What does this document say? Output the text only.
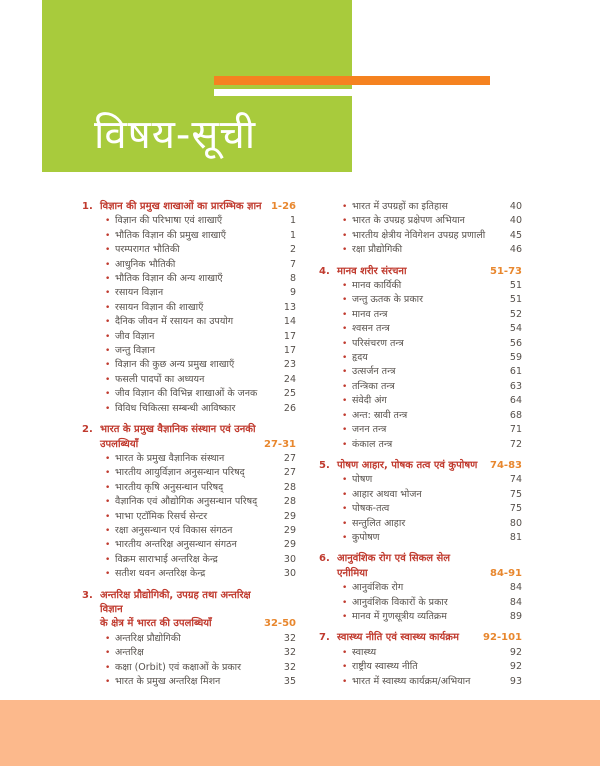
विषय-सूची
1. विज्ञान की प्रमुख शाखाओं का प्रारम्भिक ज्ञान 1-26
• विज्ञान की परिभाषा एवं शाखाएँ	1
• भौतिक विज्ञान की प्रमुख शाखाएँ	1
• परम्परागत भौतिकी	2
• आधुनिक भौतिकी	7
• भौतिक विज्ञान की अन्य शाखाएँ	8
• रसायन विज्ञान	9
• रसायन विज्ञान की शाखाएँ	13
• दैनिक जीवन में रसायन का उपयोग	14
• जीव विज्ञान	17
• जन्तु विज्ञान	17
• विज्ञान की कुछ अन्य प्रमुख शाखाएँ	23
• फसली पादपों का अध्ययन	24
• जीव विज्ञान की विभिन्न शाखाओं के जनक	25
• विविध चिकित्सा सम्बन्धी आविष्कार	26
2. भारत के प्रमुख वैज्ञानिक संस्थान एवं उनकी
उपलब्धियाँ	27-31
• भारत के प्रमुख वैज्ञानिक संस्थान	27
• भारतीय आयुर्विज्ञान अनुसन्धान परिषद्	27
• भारतीय कृषि अनुसन्धान परिषद्	28
• वैज्ञानिक एवं औद्योगिक अनुसन्धान परिषद्	28
• भाभा एटॉमिक रिसर्च सेन्टर	29
• रक्षा अनुसन्धान एवं विकास संगठन	29
• भारतीय अन्तरिक्ष अनुसन्धान संगठन	29
• विक्रम साराभाई अन्तरिक्ष केन्द्र	30
• सतीश धवन अन्तरिक्ष केन्द्र	30
3. अन्तरिक्ष प्रौद्योगिकी, उपग्रह तथा अन्तरिक्ष विज्ञान
के क्षेत्र में भारत की उपलब्धियाँ	32-50
• अन्तरिक्ष प्रौद्योगिकी	32
• अन्तरिक्ष	32
• कक्षा (Orbit) एवं कक्षाओं के प्रकार	32
• भारत के प्रमुख अन्तरिक्ष मिशन	35
• भारत में उपग्रहों का इतिहास	40
• भारत के उपग्रह प्रक्षेपण अभियान	40
• भारतीय क्षेत्रीय नेविगेशन उपग्रह प्रणाली	45
• रक्षा प्रौद्योगिकी	46
4. मानव शरीर संरचना	51-73
• मानव कार्यिकी	51
• जन्तु ऊतक के प्रकार	51
• मानव तन्त्र	52
• श्वसन तन्त्र	54
• परिसंचरण तन्त्र	56
• हृदय	59
• उत्सर्जन तन्त्र	61
• तन्त्रिका तन्त्र	63
• संवेदी अंग	64
• अन्त: स्रावी तन्त्र	68
• जनन तन्त्र	71
• कंकाल तन्त्र	72
5. पोषण आहार, पोषक तत्व एवं कुपोषण	74-83
• पोषण	74
• आहार अथवा भोजन	75
• पोषक-तत्व	75
• सन्तुलित आहार	80
• कुपोषण	81
6. आनुवंशिक रोग एवं सिकल सेल एनीमिया	84-91
• आनुवंशिक रोग	84
• आनुवंशिक विकारों के प्रकार	84
• मानव में गुणसूत्रीय व्यतिक्रम	89
7. स्वास्थ्य नीति एवं स्वास्थ्य कार्यक्रम	92-101
• स्वास्थ्य	92
• राष्ट्रीय स्वास्थ्य नीति	92
• भारत में स्वास्थ्य कार्यक्रम/अभियान	93
